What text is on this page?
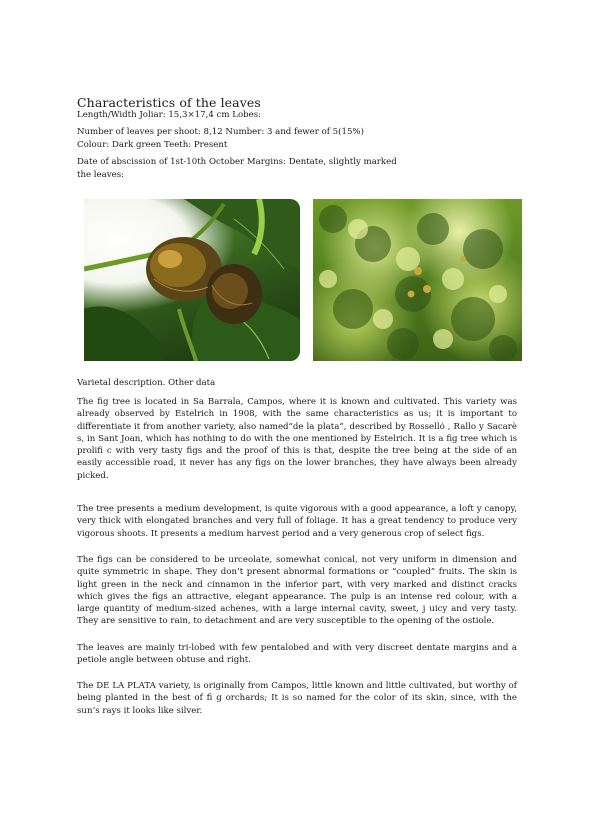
Characteristics of the leaves
Length/Width Joliar: 15,3×17,4 cm Lobes:
Number of leaves per shoot: 8,12 Number: 3 and fewer of 5(15%)
Colour: Dark green Teeth: Present
Date of abscission of 1st-10th October Margins: Dentate, slightly marked
the leaves:
Varietal description. Other data

The fig tree is located in Sa Barrala, Campos, where it is known and cultivated. This variety was already observed by Estelrich in 1908, with the same characteristics as us; it is important to differentiate it from another variety, also named“de la plata”, described by Rosselló , Rallo y Sacarè s, in Sant Joan, which has nothing to do with the one mentioned by Estelrich. It is a fig tree which is prolifi c with very tasty figs and the proof of this is that, despite the tree being at the side of an easily accessible road, it never has any figs on the lower branches, they have always been already picked.

The tree presents a medium development, is quite vigorous with a good appearance, a loft y canopy, very thick with elongated branches and very full of foliage. It has a great tendency to produce very vigorous shoots. It presents a medium harvest period and a very generous crop of select figs.

The figs can be considered to be urceolate, somewhat conical, not very uniform in dimension and quite symmetric in shape. They don’t present abnormal formations or “coupled” fruits. The skin is light green in the neck and cinnamon in the inferior part, with very marked and distinct cracks which gives the figs an attractive, elegant appearance. The pulp is an intense red colour, with a large quantity of medium-sized achenes, with a large internal cavity, sweet, j uicy and very tasty. They are sensitive to rain, to detachment and are very susceptible to the opening of the ostiole.

The leaves are mainly tri-lobed with few pentalobed and with very discreet dentate margins and a petiole angle between obtuse and right.

The DE LA PLATA variety, is originally from Campos, little known and little cultivated, but worthy of being planted in the best of fi g orchards; It is so named for the color of its skin, since, with the sun’s rays it looks like silver.
